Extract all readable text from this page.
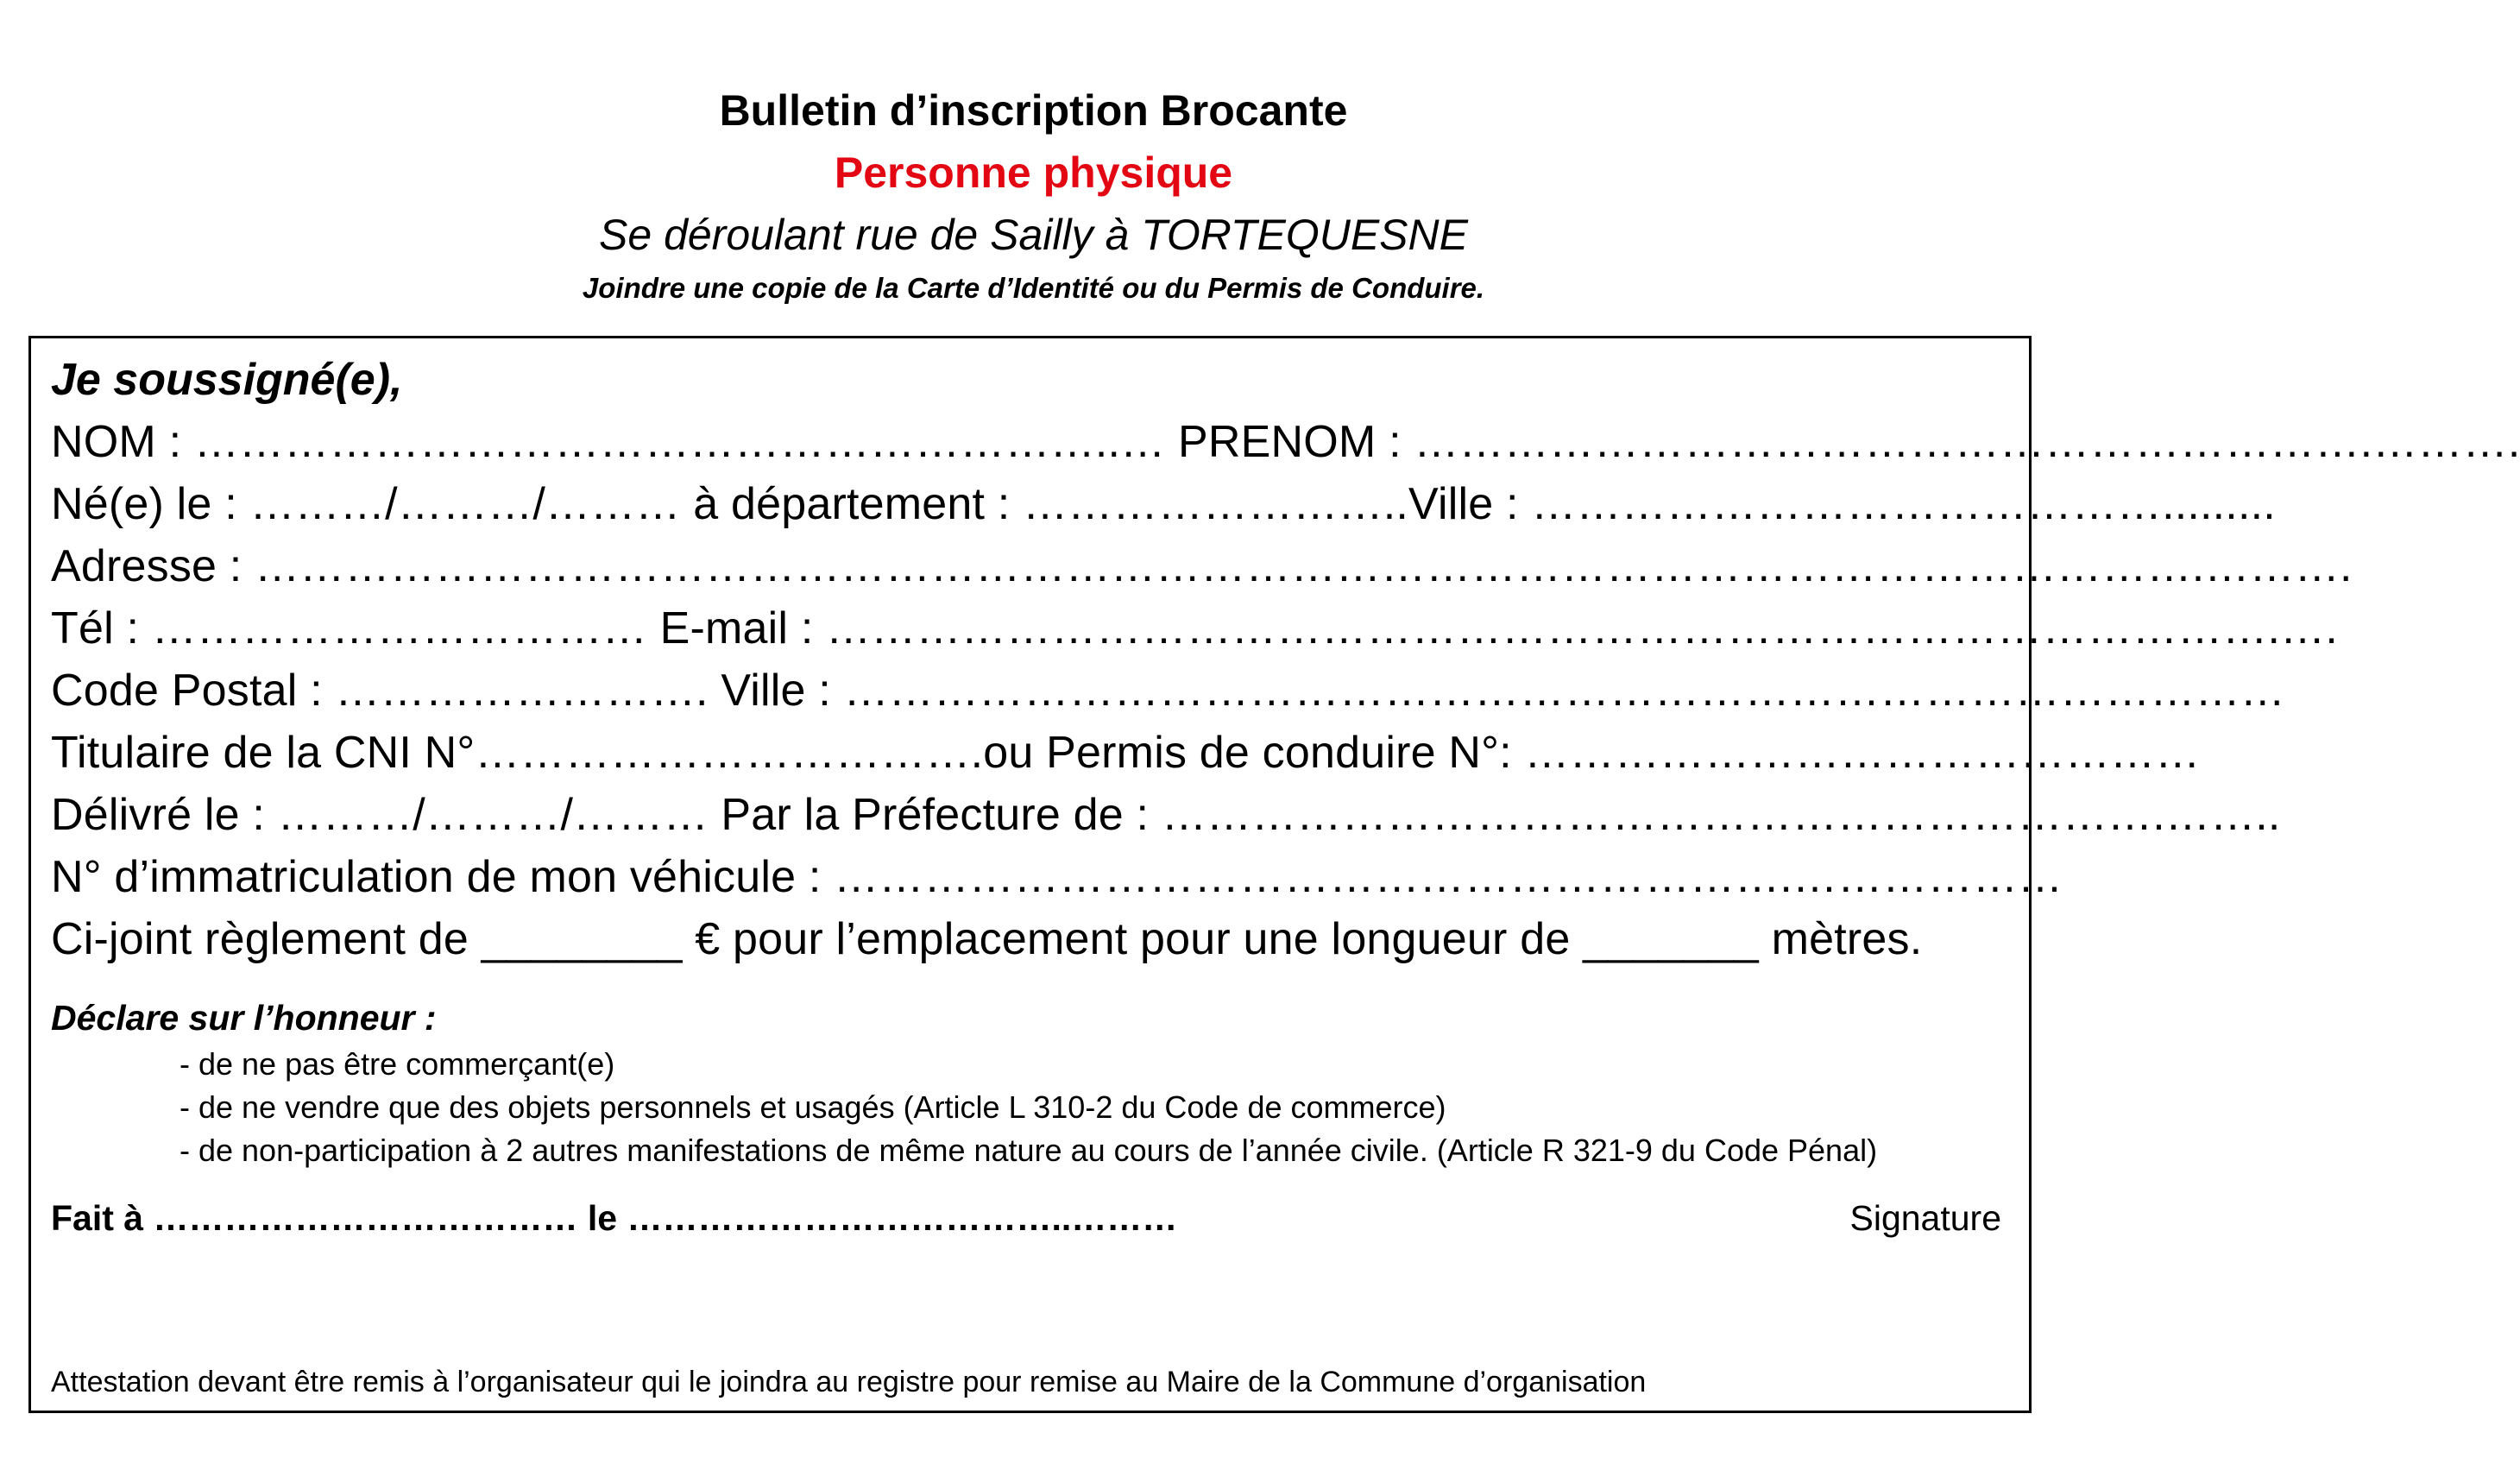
Bulletin d’inscription Brocante
Personne physique
Se déroulant rue de Sailly à TORTEQUESNE
Joindre une copie de la Carte d’Identité ou du Permis de Conduire.
Je soussigné(e),
NOM : ……………………………………………………..… PRENOM : ……………………………………………………….……….
Né(e) le : ………/………/……… à département : ……………………..Ville : …………………………………….........
Adresse : ………………………………………………………………………………………………………………….……….
Tél : …………………………… E-mail : …………………………………………………………………………………….….
Code Postal : ……………………. Ville : ……………………………………………………………………………………
Titulaire de la CNI N°…………………………….ou Permis de conduire N°: ………………………………………
Délivré le : ………/………/……… Par la Préfecture de : ………………………………………………………….……..
N° d’immatriculation de mon véhicule : ……………………………………………………….………………
Ci-joint règlement de ________ € pour l’emplacement pour une longueur de _______ mètres.
Déclare sur l’honneur :
- de ne pas être commerçant(e)
- de ne vendre que des objets personnels et usagés (Article L 310-2 du Code de commerce)
- de non-participation à 2 autres manifestations de même nature au cours de l’année civile. (Article R 321-9 du Code Pénal)
Fait à ……………………………… le ………………………………..………	Signature
Attestation devant être remis à l’organisateur qui le joindra au registre pour remise au Maire de la Commune d’organisation
